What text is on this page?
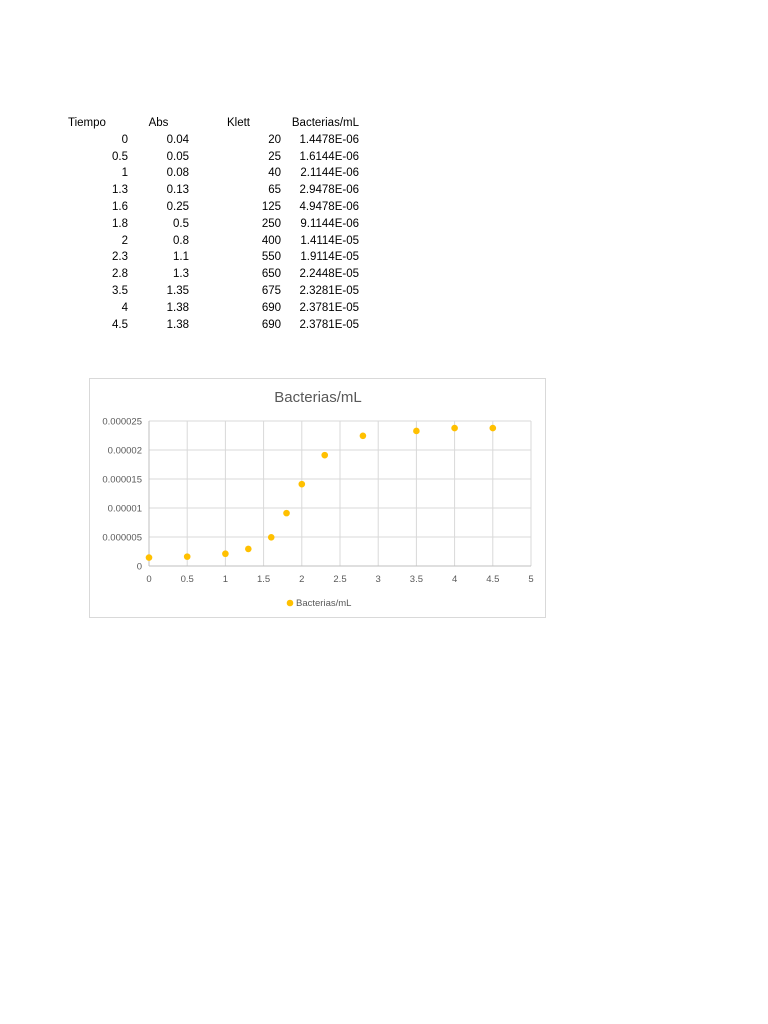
Tiempo	Abs	Klett	Bacterias/mL
0	0.04	20	1.4478E-06
0.5	0.05	25	1.6144E-06
1	0.08	40	2.1144E-06
1.3	0.13	65	2.9478E-06
1.6	0.25	125	4.9478E-06
1.8	0.5	250	9.1144E-06
2	0.8	400	1.4114E-05
2.3	1.1	550	1.9114E-05
2.8	1.3	650	2.2448E-05
3.5	1.35	675	2.3281E-05
4	1.38	690	2.3781E-05
4.5	1.38	690	2.3781E-05
Bacterias/mL
0
0.000005
0.00001
0.000015
0.00002
0.000025
0	0.5	1	1.5	2	2.5	3	3.5	4	4.5	5
Bacterias/mL
